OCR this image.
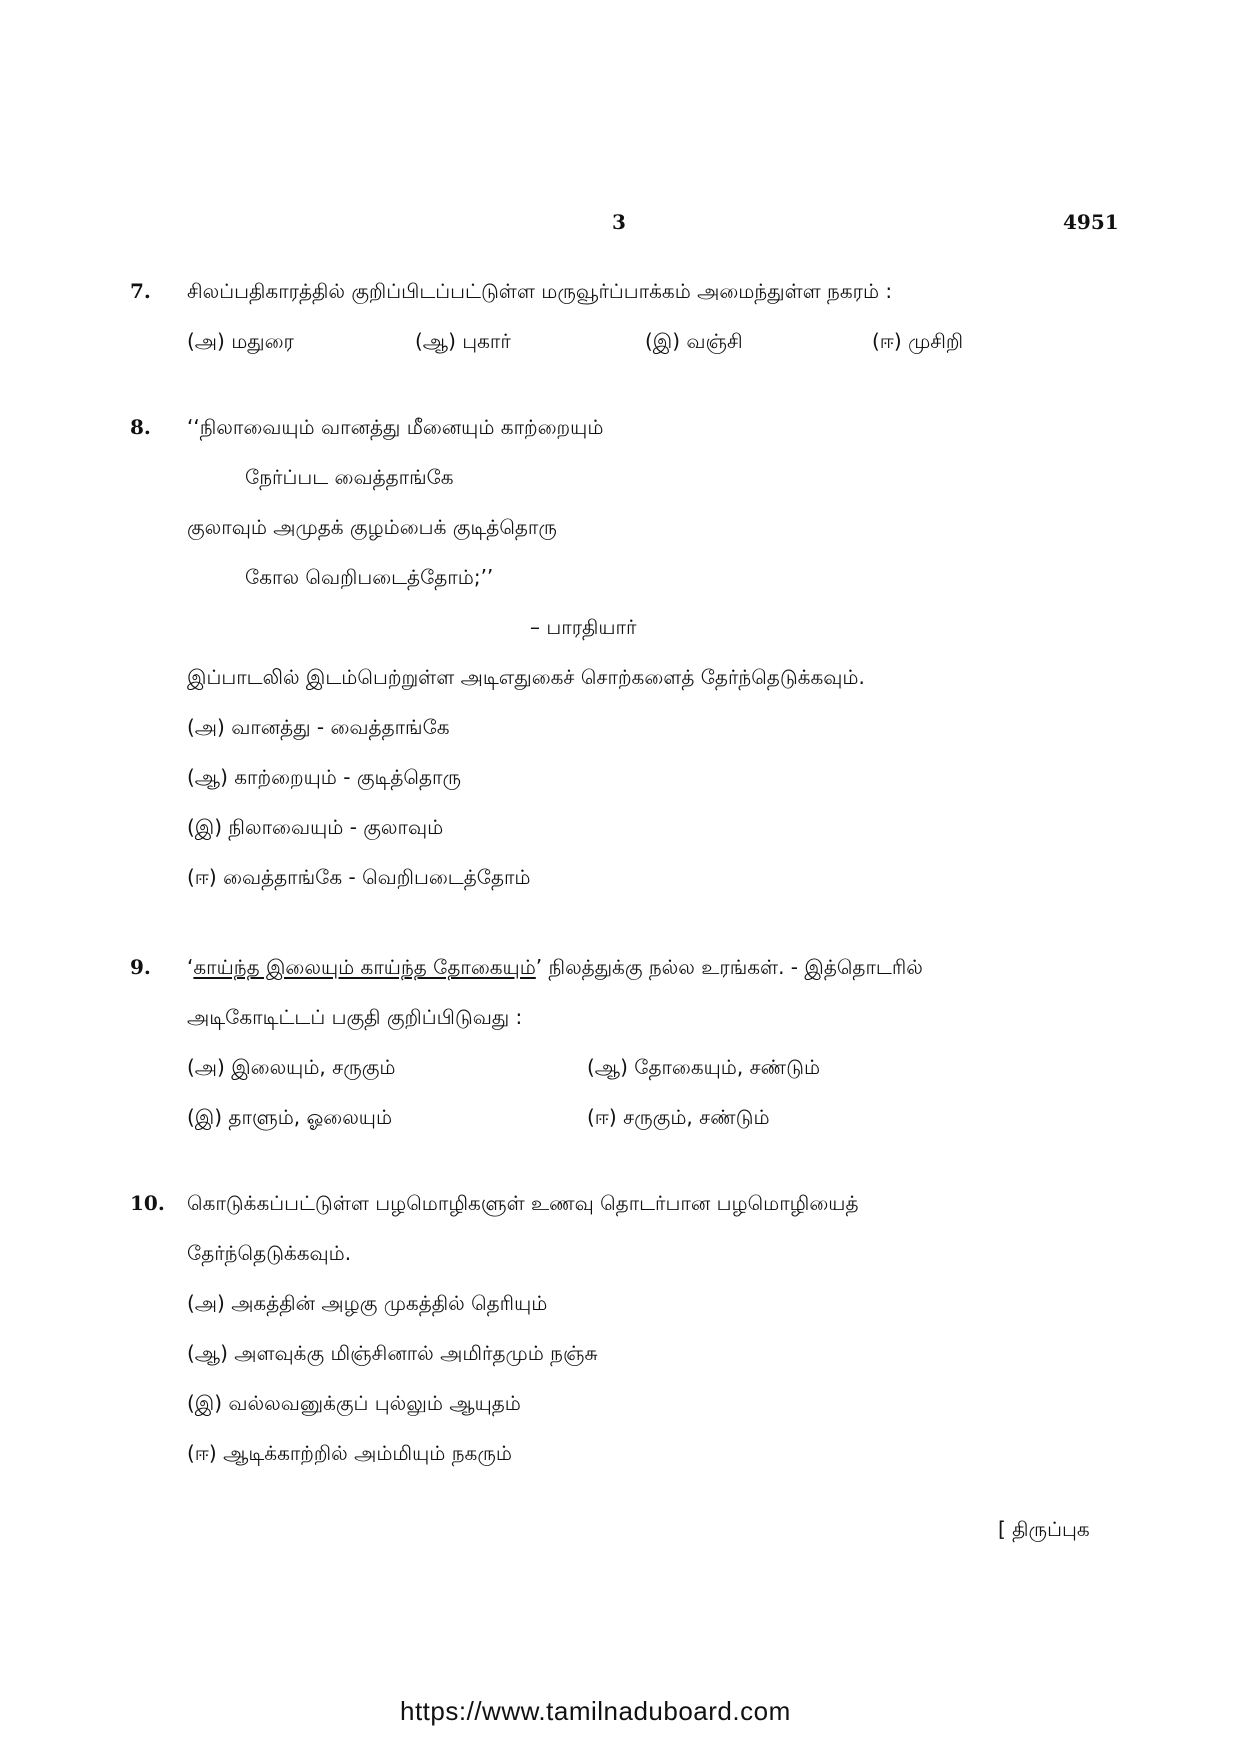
3	4951
7. சிலப்பதிகாரத்தில் குறிப்பிடப்பட்டுள்ள மருவூர்ப்பாக்கம் அமைந்துள்ள நகரம் :
(அ) மதுரை	(ஆ) புகார்	(இ) வஞ்சி	(ஈ) முசிறி
8. ‘‘நிலாவையும் வானத்து மீனையும் காற்றையும்
நேர்ப்பட வைத்தாங்கே
குலாவும் அமுதக் குழம்பைக் குடித்தொரு
கோல வெறிபடைத்தோம்;’’
– பாரதியார்
இப்பாடலில் இடம்பெற்றுள்ள அடிஎதுகைச் சொற்களைத் தேர்ந்தெடுக்கவும்.
(அ) வானத்து - வைத்தாங்கே
(ஆ) காற்றையும் - குடித்தொரு
(இ) நிலாவையும் - குலாவும்
(ஈ) வைத்தாங்கே - வெறிபடைத்தோம்
9. ‘காய்ந்த இலையும் காய்ந்த தோகையும்’ நிலத்துக்கு நல்ல உரங்கள். - இத்தொடரில்
அடிகோடிட்டப் பகுதி குறிப்பிடுவது :
(அ) இலையும், சருகும்	(ஆ) தோகையும், சண்டும்
(இ) தாளும், ஓலையும்	(ஈ) சருகும், சண்டும்
10. கொடுக்கப்பட்டுள்ள பழமொழிகளுள் உணவு தொடர்பான பழமொழியைத்
தேர்ந்தெடுக்கவும்.
(அ) அகத்தின் அழகு முகத்தில் தெரியும்
(ஆ) அளவுக்கு மிஞ்சினால் அமிர்தமும் நஞ்சு
(இ) வல்லவனுக்குப் புல்லும் ஆயுதம்
(ஈ) ஆடிக்காற்றில் அம்மியும் நகரும்
[ திருப்புக
https://www.tamilnaduboard.com
